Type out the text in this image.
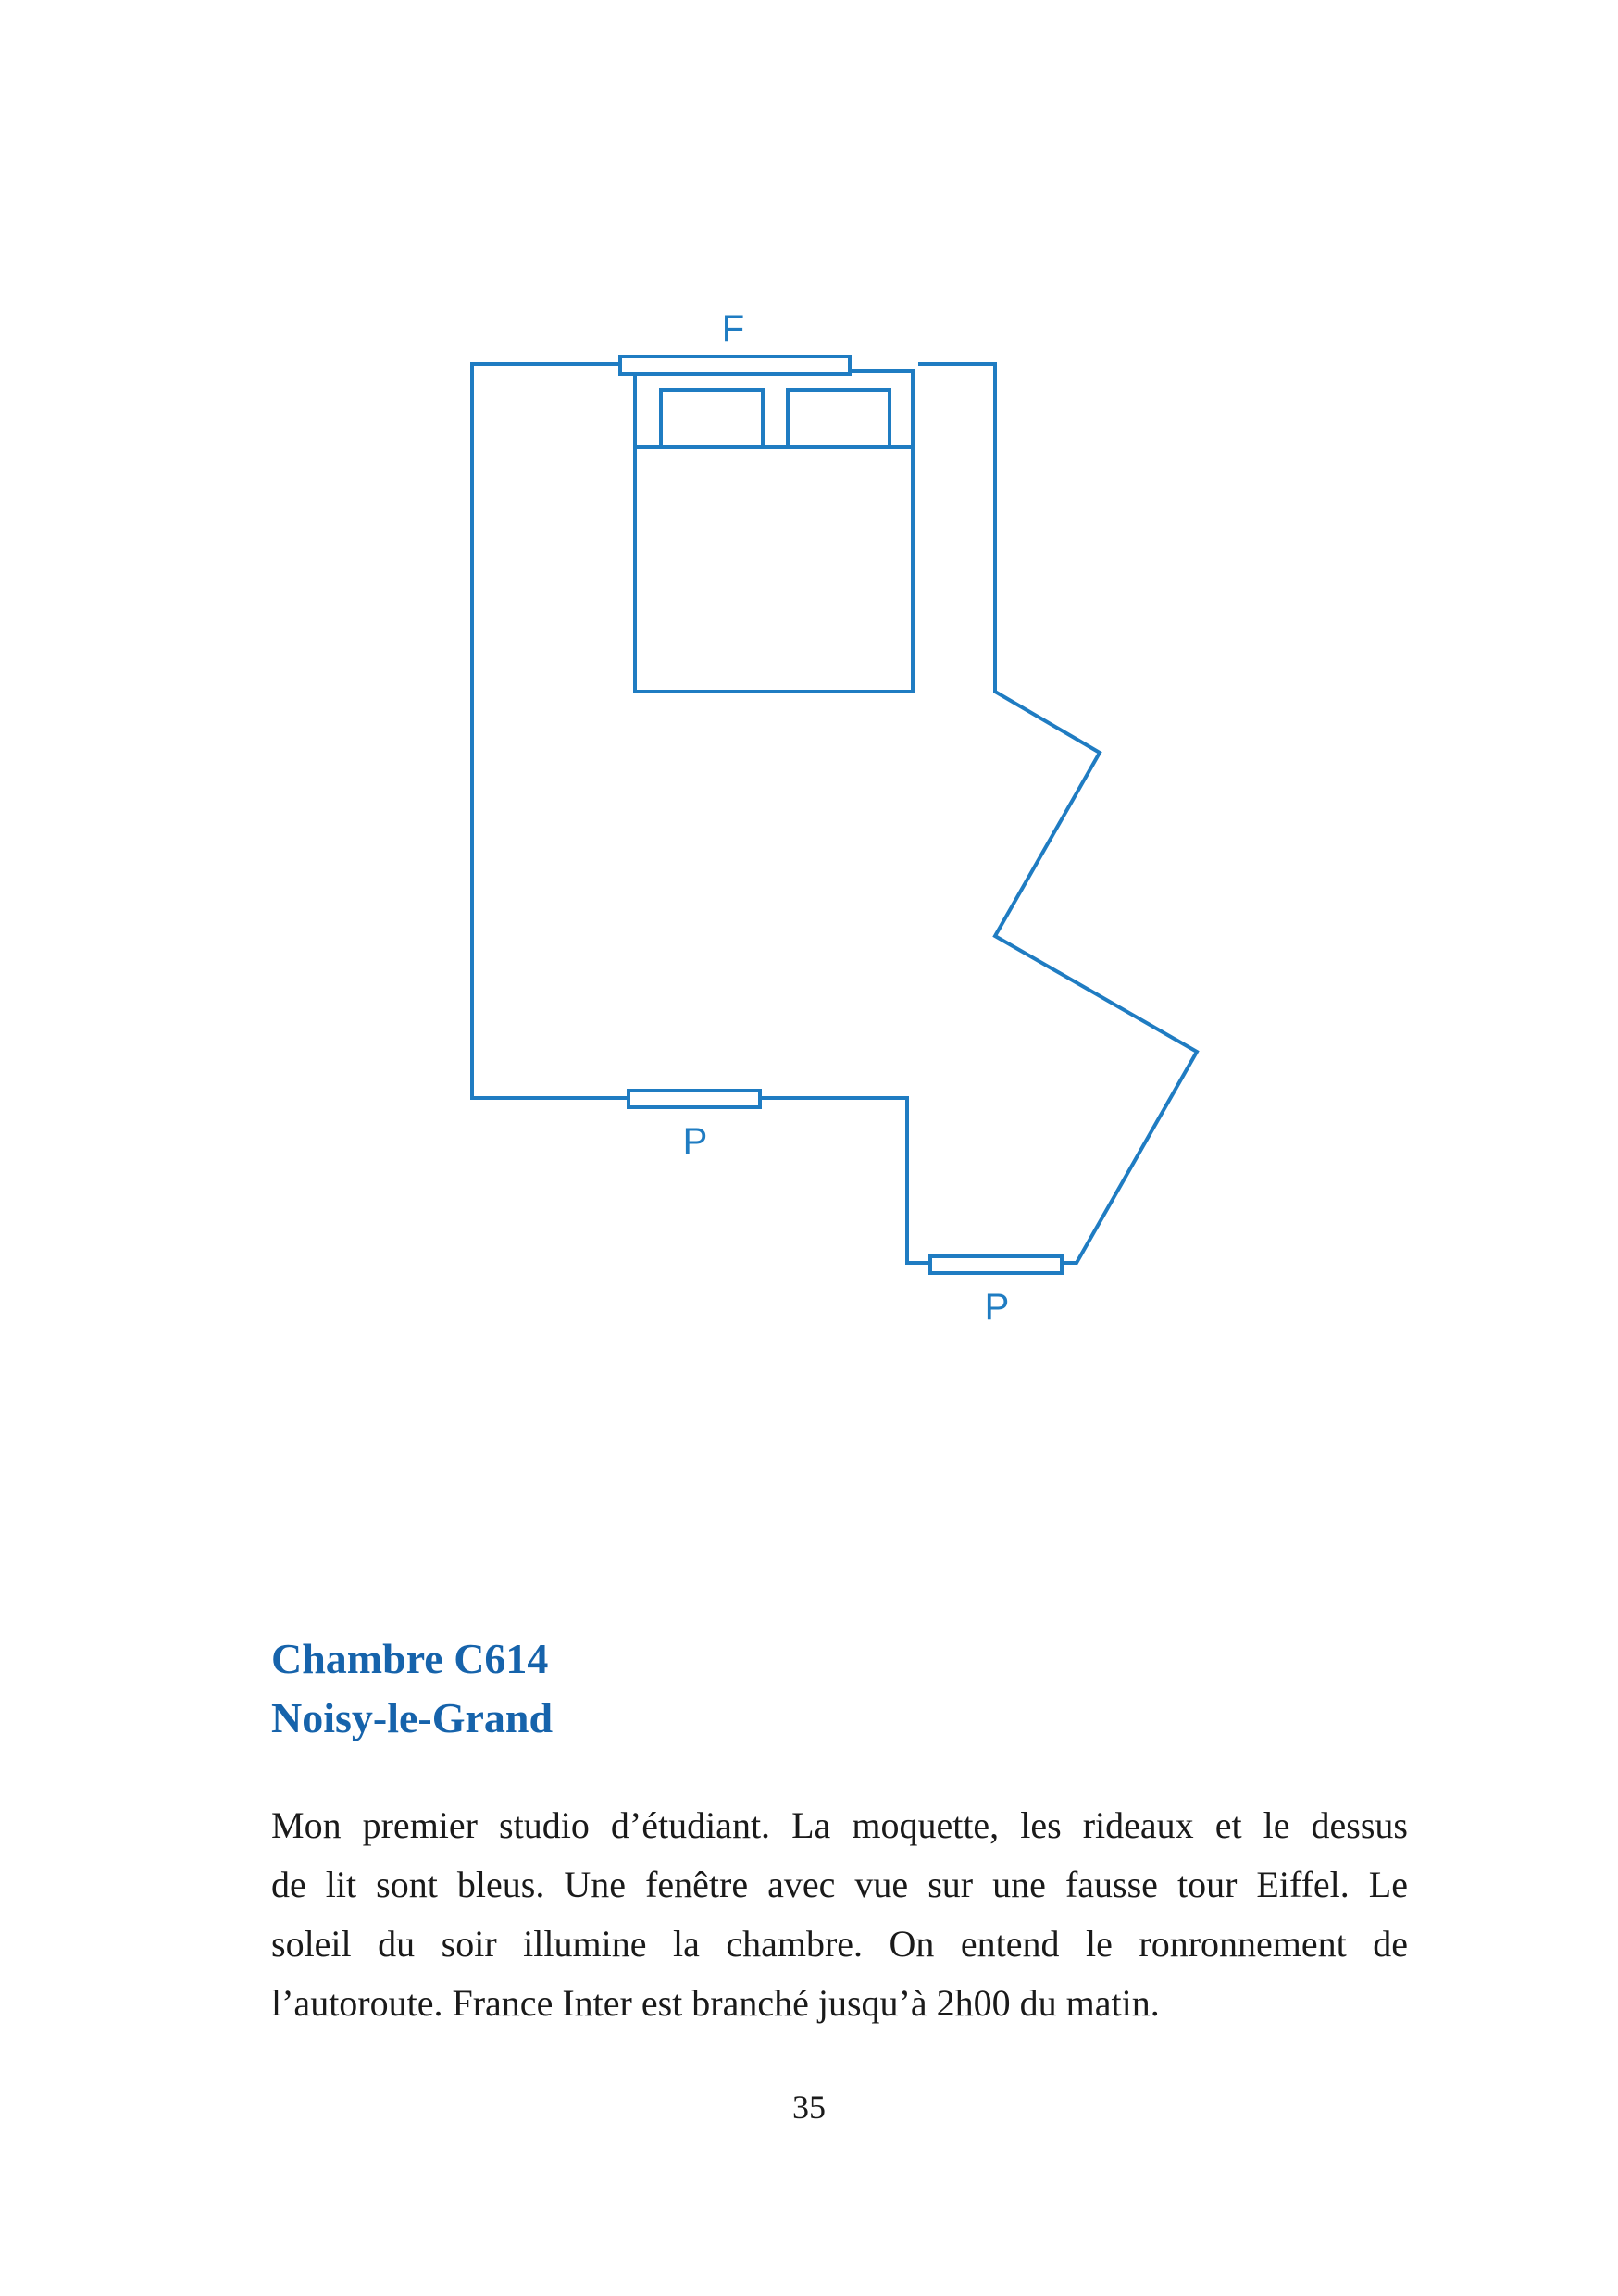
F
P
P
Chambre C614
Noisy-le-Grand

Mon premier studio d’étudiant. La moquette, les rideaux et le dessus
de lit sont bleus. Une fenêtre avec vue sur une fausse tour Eiffel. Le
soleil du soir illumine la chambre. On entend le ronronnement de
l’autoroute. France Inter est branché jusqu’à 2h00 du matin.

35
